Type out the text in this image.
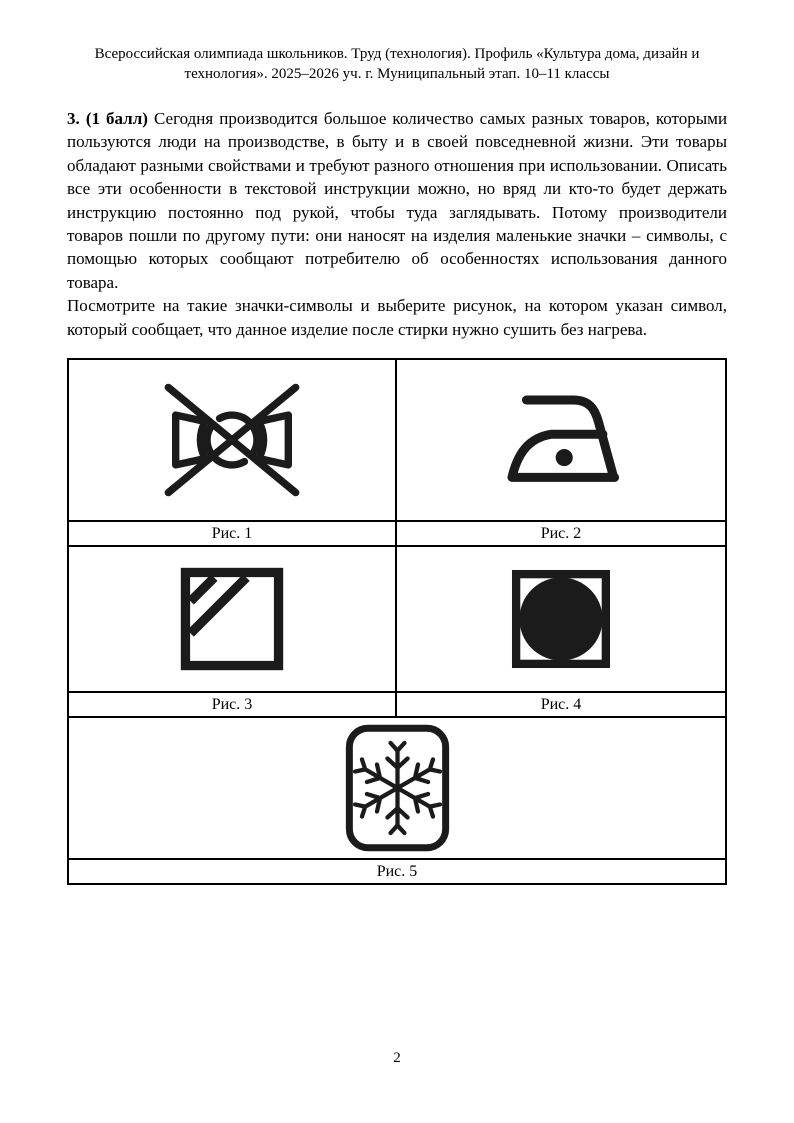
Всероссийская олимпиада школьников. Труд (технология). Профиль «Культура дома, дизайн и технология». 2025–2026 уч. г. Муниципальный этап. 10–11 классы

3. (1 балл) Сегодня производится большое количество самых разных товаров, которыми пользуются люди на производстве, в быту и в своей повседневной жизни. Эти товары обладают разными свойствами и требуют разного отношения при использовании. Описать все эти особенности в текстовой инструкции можно, но вряд ли кто-то будет держать инструкцию постоянно под рукой, чтобы туда заглядывать. Потому производители товаров пошли по другому пути: они наносят на изделия маленькие значки – символы, с помощью которых сообщают потребителю об особенностях использования данного товара.

Посмотрите на такие значки-символы и выберите рисунок, на котором указан символ, который сообщает, что данное изделие после стирки нужно сушить без нагрева.

Рис. 1	Рис. 2
Рис. 3	Рис. 4
Рис. 5
2
